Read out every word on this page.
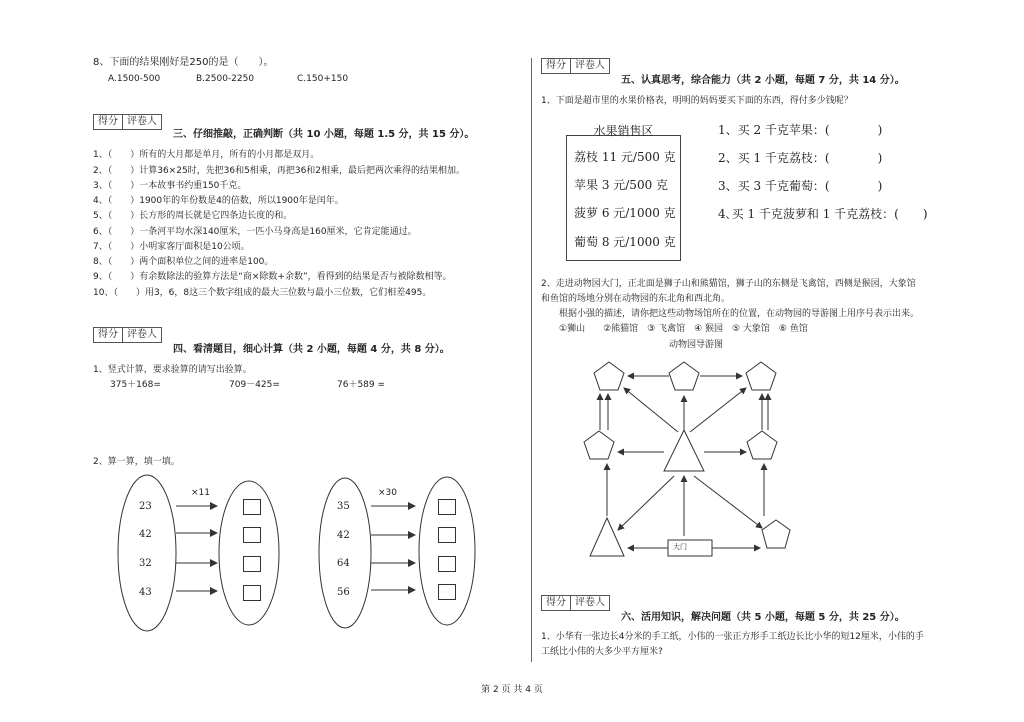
8、下面的结果刚好是250的是（　　）。
A.1500-500	B.2500-2250	C.150+150
得分 评卷人
三、仔细推敲，正确判断（共 10 小题，每题 1.5 分，共 15 分）。
1、（　　）所有的大月都是单月，所有的小月都是双月。
2、（　　）计算36×25时，先把36和5相乘，再把36和2相乘，最后把两次乘得的结果相加。
3、（　　）一本故事书约重150千克。
4、（　　）1900年的年份数是4的倍数，所以1900年是闰年。
5、（　　）长方形的周长就是它四条边长度的和。
6、（　　）一条河平均水深140厘米，一匹小马身高是160厘米，它肯定能通过。
7、（　　）小明家客厅面积是10公顷。
8、（　　）两个面积单位之间的进率是100。
9、（　　）有余数除法的验算方法是“商×除数+余数”，看得到的结果是否与被除数相等。
10、（　　）用3，6，8这三个数字组成的最大三位数与最小三位数，它们相差495。
得分 评卷人
四、看清题目，细心计算（共 2 小题，每题 4 分，共 8 分）。
1、竖式计算，要求验算的请写出验算。
375＋168=	709－425=	76＋589 =
2、算一算，填一填。
×11
23
42
32
43
×30
35
42
64
56
得分 评卷人
五、认真思考，综合能力（共 2 小题，每题 7 分，共 14 分）。
1、下面是超市里的水果价格表，明明的妈妈要买下面的东西，得付多少钱呢？
水果销售区
荔枝 11 元/500 克
苹果 3 元/500 克
菠萝 6 元/1000 克
葡萄 8 元/1000 克
1、买 2 千克苹果：(　　　　)
2、买 1 千克荔枝：(　　　　)
3、买 3 千克葡萄：(　　　　)
4､买 1 千克菠萝和 1 千克荔枝：(　　)
2、走进动物园大门，正北面是狮子山和熊猫馆，狮子山的东侧是飞禽馆，西侧是猴园，大象馆
和鱼馆的场地分别在动物园的东北角和西北角。
　　根据小强的描述，请你把这些动物场馆所在的位置，在动物园的导游图上用序号表示出来。
　　①狮山　　②熊猫馆　③ 飞禽馆　④ 猴园　⑤ 大象馆　⑥ 鱼馆
动物园导游图
大门
得分 评卷人
六、活用知识，解决问题（共 5 小题，每题 5 分，共 25 分）。
1、小华有一张边长4分米的手工纸，小伟的一张正方形手工纸边长比小华的短12厘米，小伟的手
工纸比小伟的大多少平方厘米?
第 2 页 共 4 页
